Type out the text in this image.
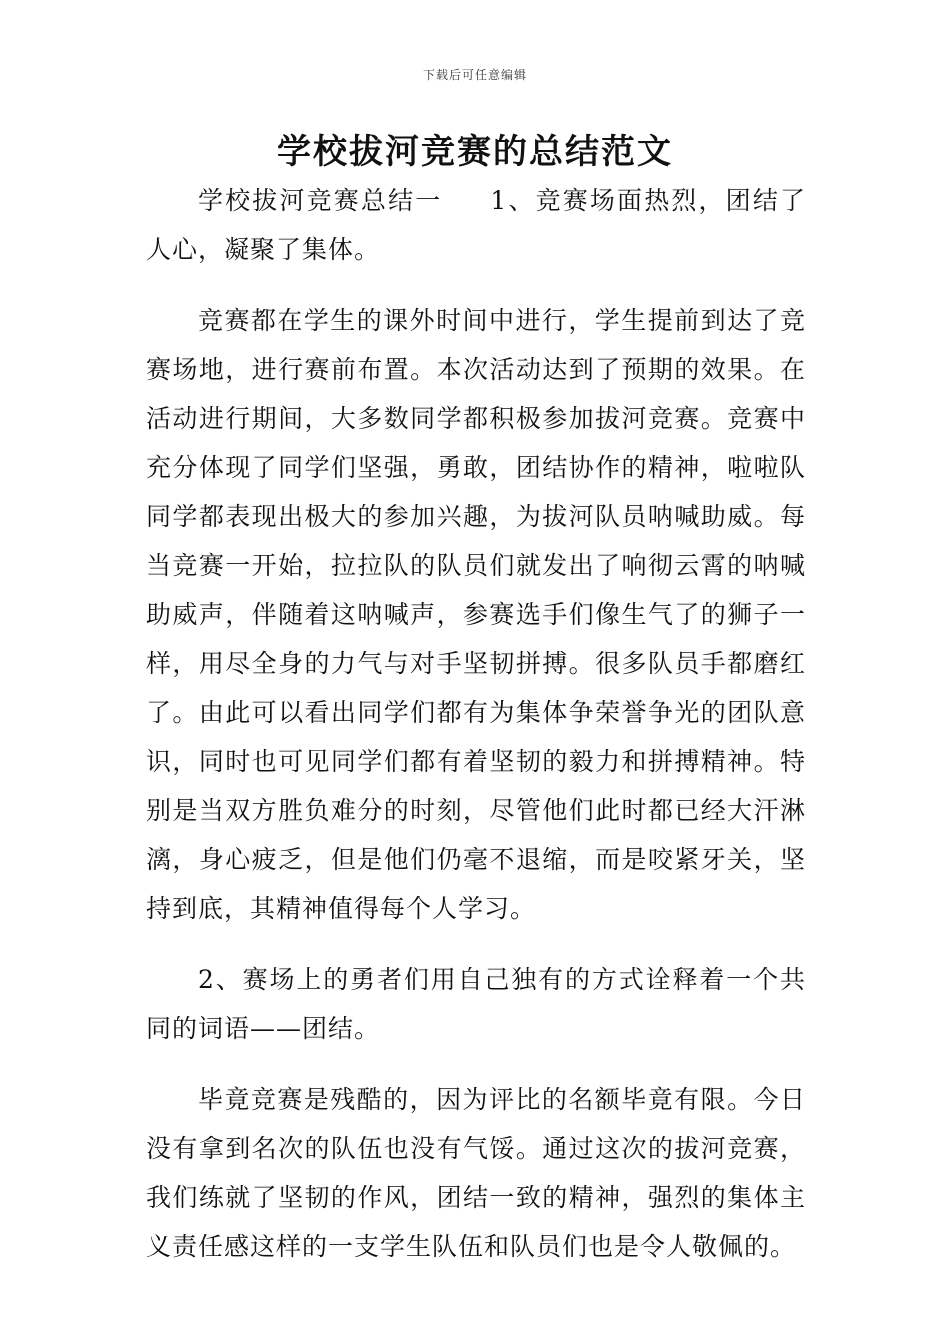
下载后可任意编辑
学校拔河竞赛的总结范文

学校拔河竞赛总结一 1、竞赛场面热烈，团结了人心，凝聚了集体。

竞赛都在学生的课外时间中进行，学生提前到达了竞赛场地，进行赛前布置。本次活动达到了预期的效果。在活动进行期间，大多数同学都积极参加拔河竞赛。竞赛中充分体现了同学们坚强，勇敢，团结协作的精神，啦啦队同学都表现出极大的参加兴趣，为拔河队员呐喊助威。每当竞赛一开始，拉拉队的队员们就发出了响彻云霄的呐喊助威声，伴随着这呐喊声，参赛选手们像生气了的狮子一样，用尽全身的力气与对手坚韧拼搏。很多队员手都磨红了。由此可以看出同学们都有为集体争荣誉争光的团队意识，同时也可见同学们都有着坚韧的毅力和拼搏精神。特别是当双方胜负难分的时刻，尽管他们此时都已经大汗淋漓，身心疲乏，但是他们仍毫不退缩，而是咬紧牙关，坚持到底，其精神值得每个人学习。

2、赛场上的勇者们用自己独有的方式诠释着一个共同的词语——团结。

毕竟竞赛是残酷的，因为评比的名额毕竟有限。今日没有拿到名次的队伍也没有气馁。通过这次的拔河竞赛，我们练就了坚韧的作风，团结一致的精神，强烈的集体主义责任感这样的一支学生队伍和队员们也是令人敬佩的。
